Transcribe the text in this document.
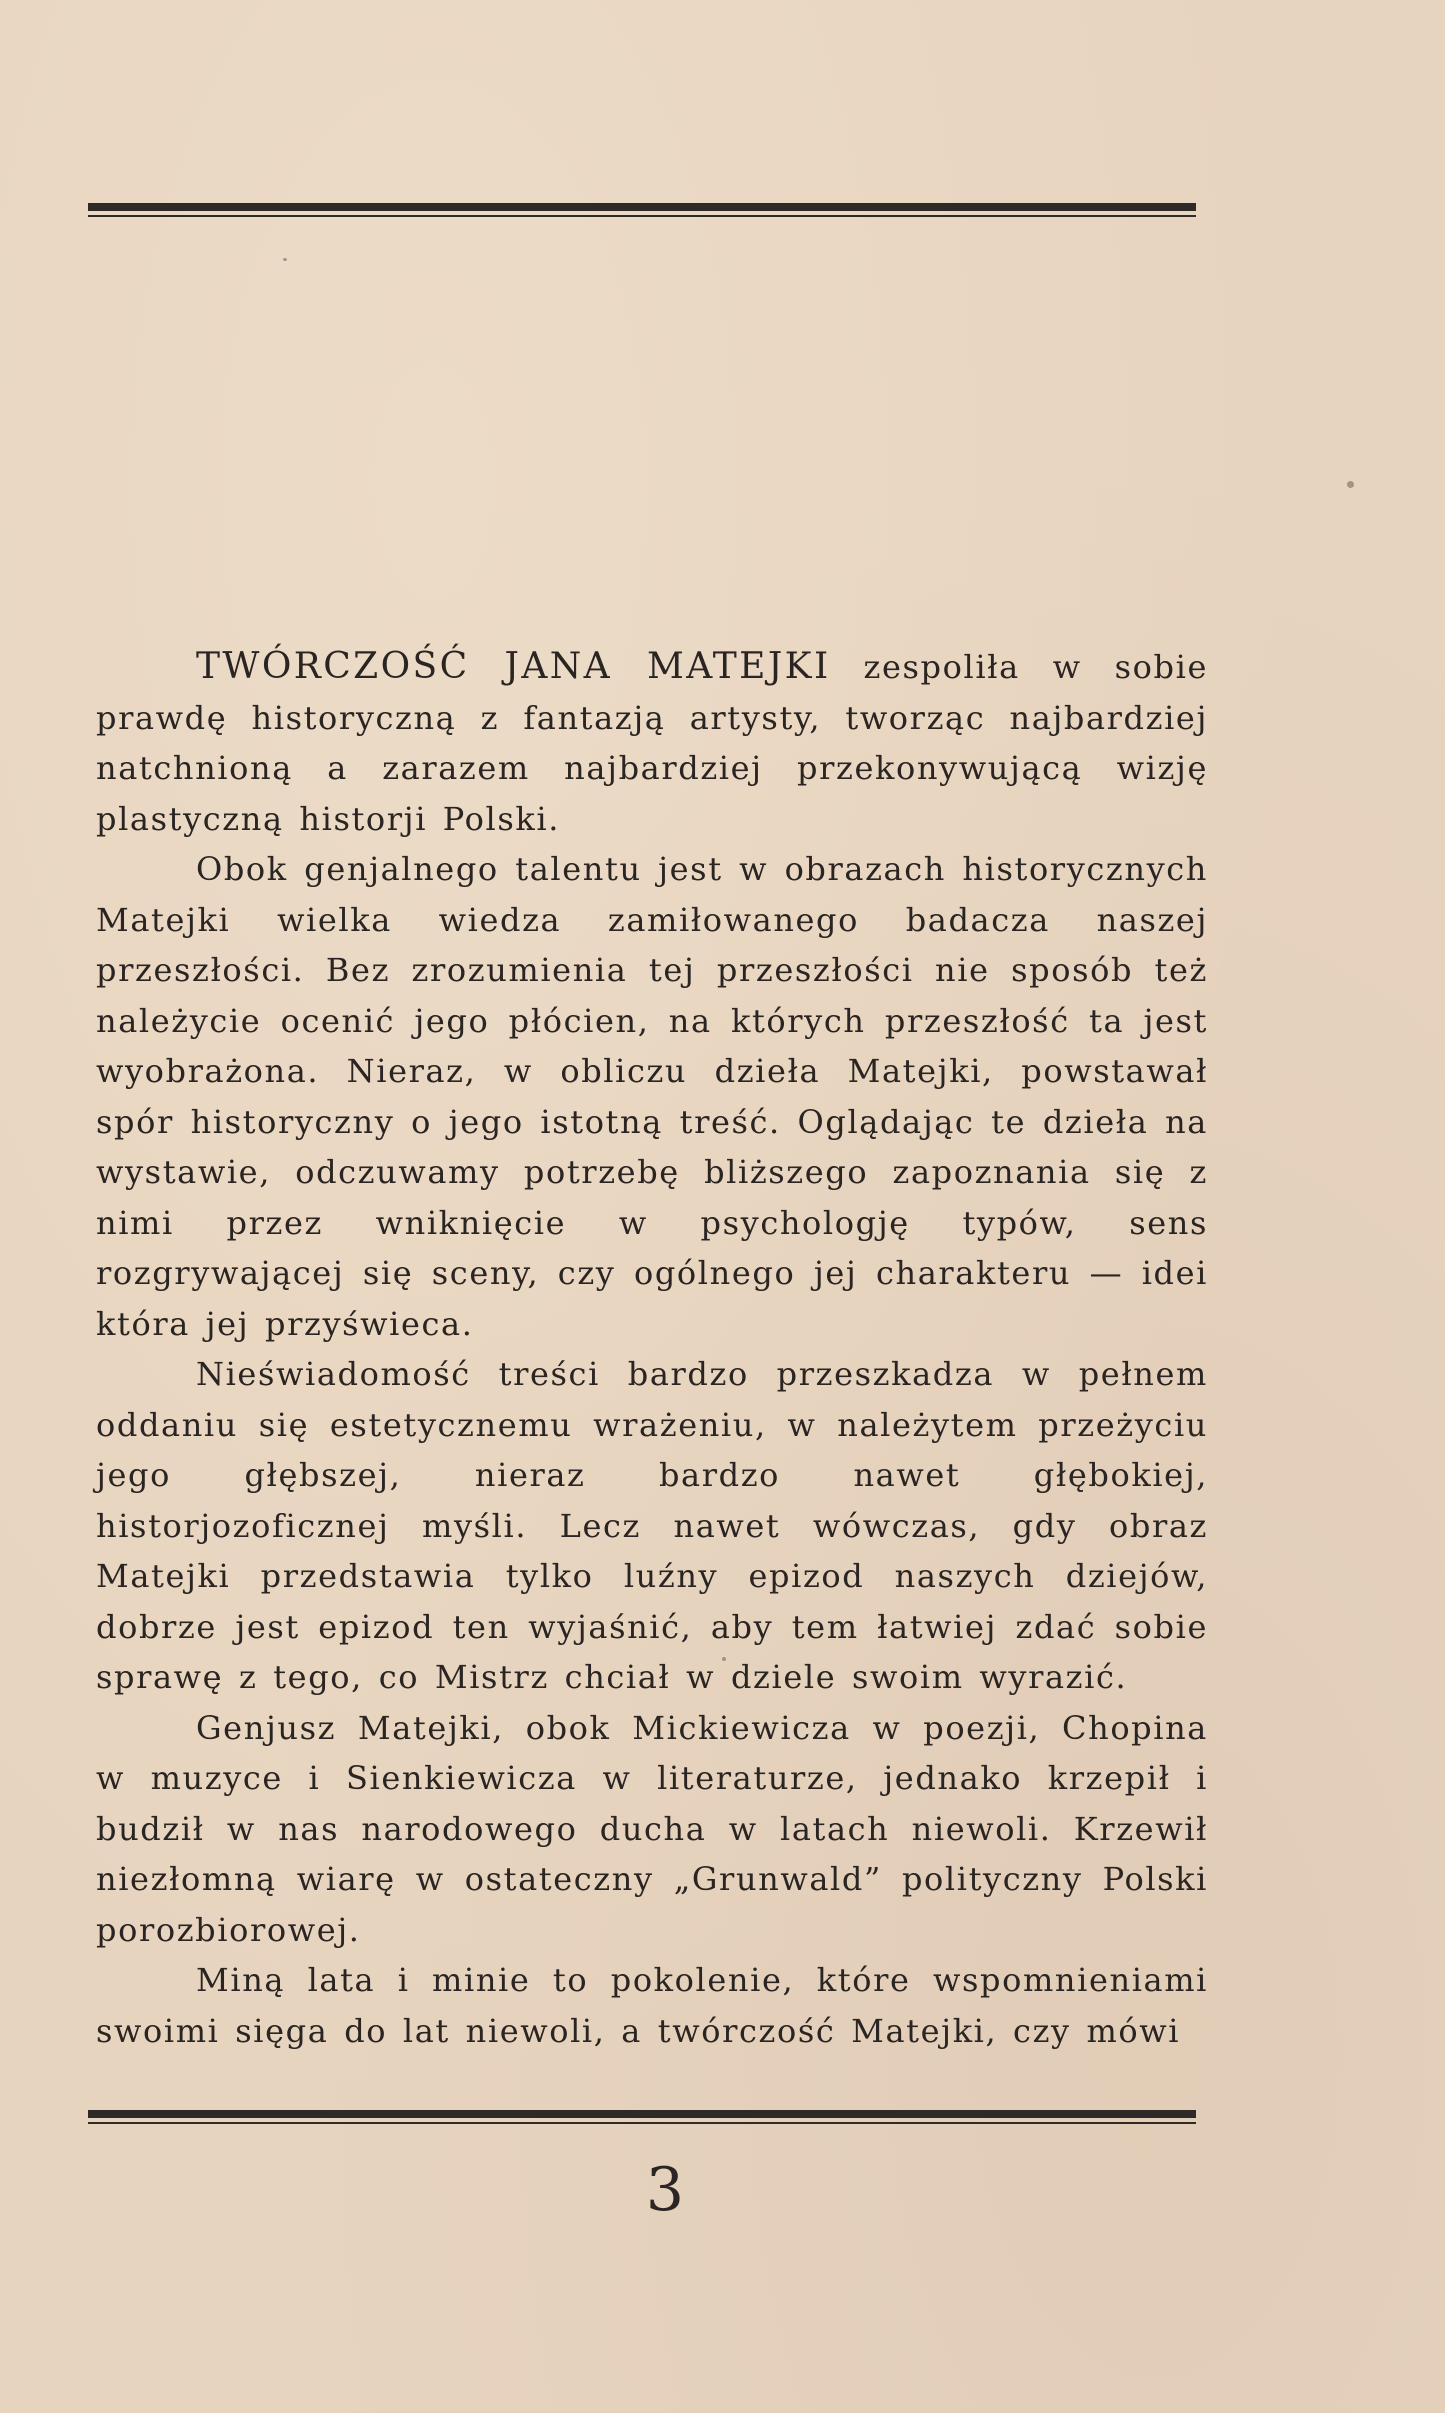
TWÓRCZOŚĆ JANA MATEJKI zespoliła w sobie prawdę historyczną z fantazją artysty, tworząc najbardziej natchnioną a zarazem najbardziej przekonywującą wizję plastyczną historji Polski.

Obok genjalnego talentu jest w obrazach historycznych Matejki wielka wiedza zamiłowanego badacza naszej przeszłości. Bez zrozumienia tej przeszłości nie sposób też należycie ocenić jego płócien, na których przeszłość ta jest wyobrażona. Nieraz, w obliczu dzieła Matejki, powstawał spór historyczny o jego istotną treść. Oglądając te dzieła na wystawie, odczuwamy potrzebę bliższego zapoznania się z nimi przez wniknięcie w psychologję typów, sens rozgrywającej się sceny, czy ogólnego jej charakteru — idei która jej przyświeca.

Nieświadomość treści bardzo przeszkadza w pełnem oddaniu się estetycznemu wrażeniu, w należytem przeżyciu jego głębszej, nieraz bardzo nawet głębokiej, historjozoficznej myśli. Lecz nawet wówczas, gdy obraz Matejki przedstawia tylko luźny epizod naszych dziejów, dobrze jest epizod ten wyjaśnić, aby tem łatwiej zdać sobie sprawę z tego, co Mistrz chciał w dziele swoim wyrazić.

Genjusz Matejki, obok Mickiewicza w poezji, Chopina w muzyce i Sienkiewicza w literaturze, jednako krzepił i budził w nas narodowego ducha w latach niewoli. Krzewił niezłomną wiarę w ostateczny „Grunwald” polityczny Polski porozbiorowej.

Miną lata i minie to pokolenie, które wspomnieniami swoimi sięga do lat niewoli, a twórczość Matejki, czy mówi

3
